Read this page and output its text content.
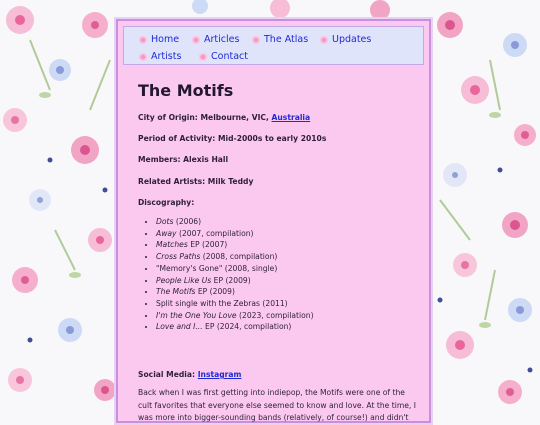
Home	Articles	The Atlas	Updates
Artists	Contact
The Motifs
City of Origin: Melbourne, VIC, Australia
Period of Activity: Mid-2000s to early 2010s
Members: Alexis Hall
Related Artists: Milk Teddy
Discography:
• Dots (2006)
• Away (2007, compilation)
• Matches EP (2007)
• Cross Paths (2008, compilation)
• "Memory's Gone" (2008, single)
• People Like Us EP (2009)
• The Motifs EP (2009)
• Split single with the Zebras (2011)
• I'm the One You Love (2023, compilation)
• Love and I... EP (2024, compilation)
Social Media: Instagram
Back when I was first getting into indiepop, the Motifs were one of the cult favorites that everyone else seemed to know and love. At the time, I was more into bigger-sounding bands (relatively, of course!) and didn't
